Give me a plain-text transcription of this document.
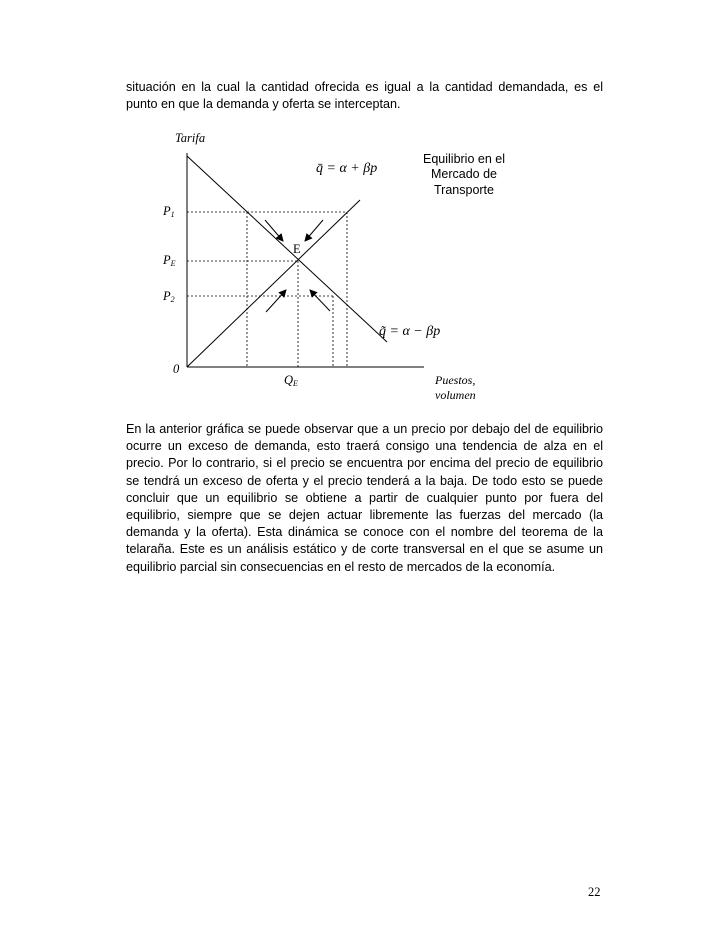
situación en la cual la cantidad ofrecida es igual a la cantidad demandada, es el punto en que la demanda y oferta se interceptan.

Tarifa
P1
PE
P2
0
QE
E
Puestos,
volumen
Equilibrio en el
Mercado de
Transporte
q̄ = α + βp
q̃ = α − βp

En la anterior gráfica se puede observar que a un precio por debajo del de equilibrio ocurre un exceso de demanda, esto traerá consigo una tendencia de alza en el precio. Por lo contrario, si el precio se encuentra por encima del precio de equilibrio se tendrá un exceso de oferta y el precio tenderá a la baja. De todo esto se puede concluir que un equilibrio se obtiene a partir de cualquier punto por fuera del equilibrio, siempre que se dejen actuar libremente las fuerzas del mercado (la demanda y la oferta). Esta dinámica se conoce con el nombre del teorema de la telaraña. Este es un análisis estático y de corte transversal en el que se asume un equilibrio parcial sin consecuencias en el resto de mercados de la economía.

22
